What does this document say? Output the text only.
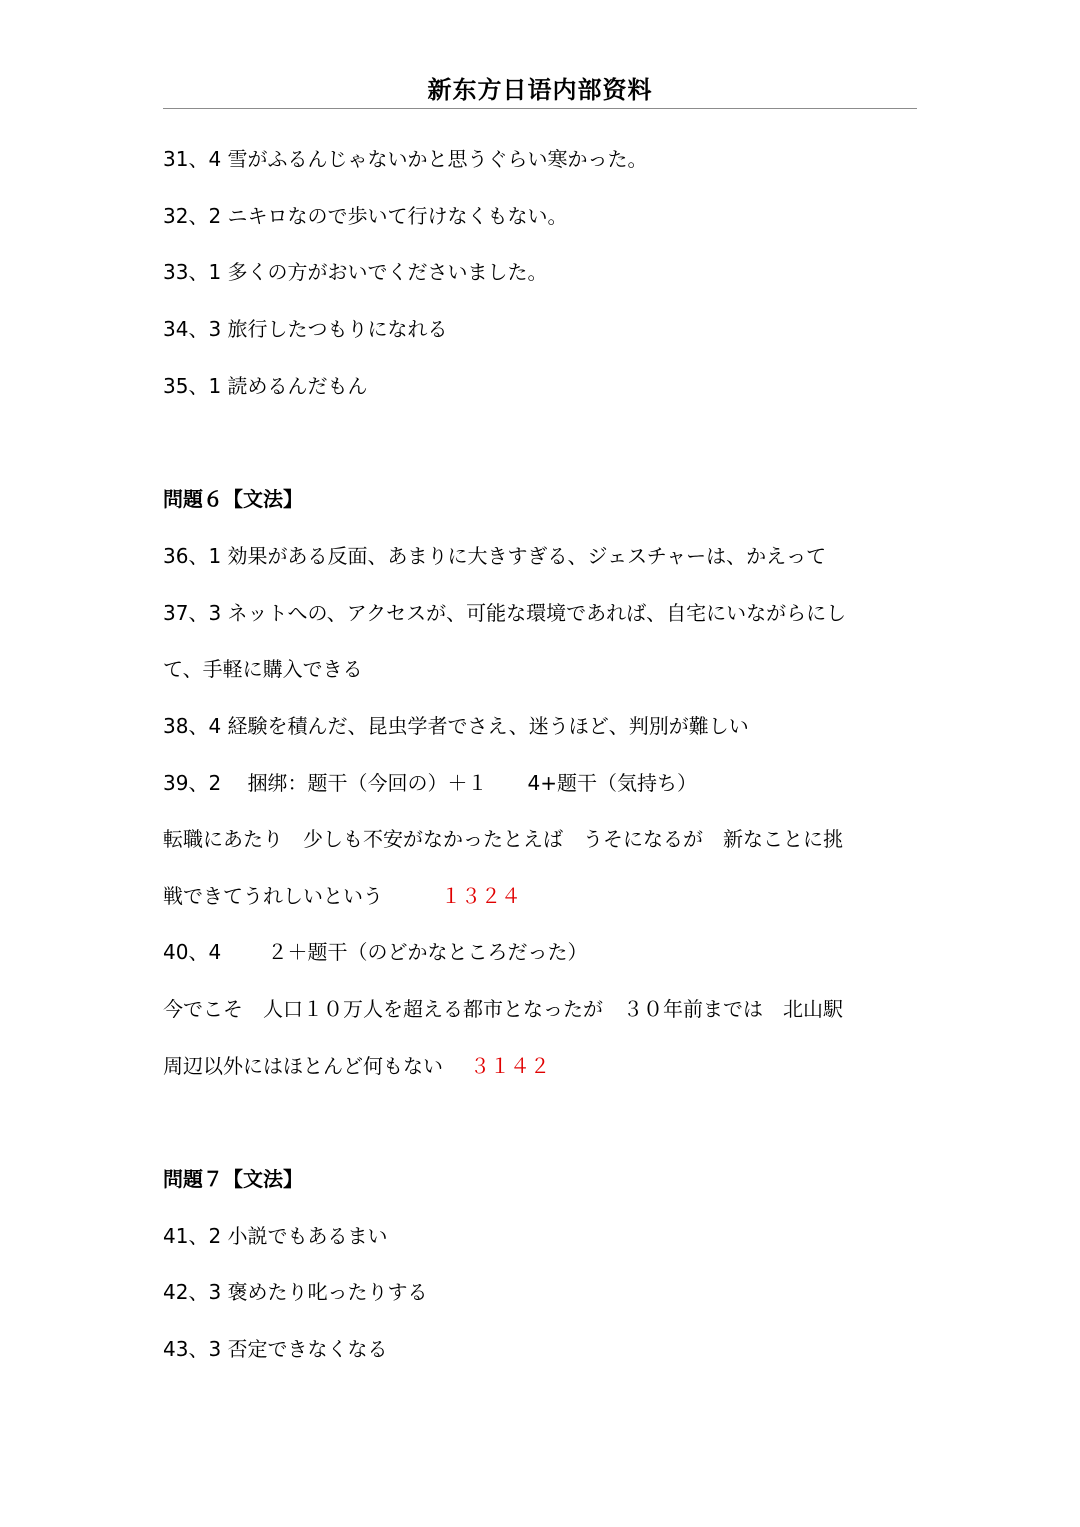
新东方日语内部资料
31、4 雪がふるんじゃないかと思うぐらい寒かった。
32、2 ニキロなので歩いて行けなくもない。
33、1 多くの方がおいでくださいました。
34、3 旅行したつもりになれる
35、1 読めるんだもん
問題６【文法】
36、1 効果がある反面、あまりに大きすぎる、ジェスチャーは、かえって
37、3 ネットへの、アクセスが、可能な環境であれば、自宅にいながらにし
て、手軽に購入できる
38、4 経験を積んだ、昆虫学者でさえ、迷うほど、判別が難しい
39、2　 捆绑：题干（今回の）＋１　　4+题干（気持ち）
転職にあたり　少しも不安がなかったとえば　うそになるが　新なことに挑
戦できてうれしいという	１３２４
40、4　　 ２＋题干（のどかなところだった）
今でこそ　人口１０万人を超える都市となったが　３０年前までは　北山駅
周辺以外にはほとんど何もない ３１４２
問題７【文法】
41、2 小説でもあるまい
42、3 褒めたり叱ったりする
43、3 否定できなくなる
